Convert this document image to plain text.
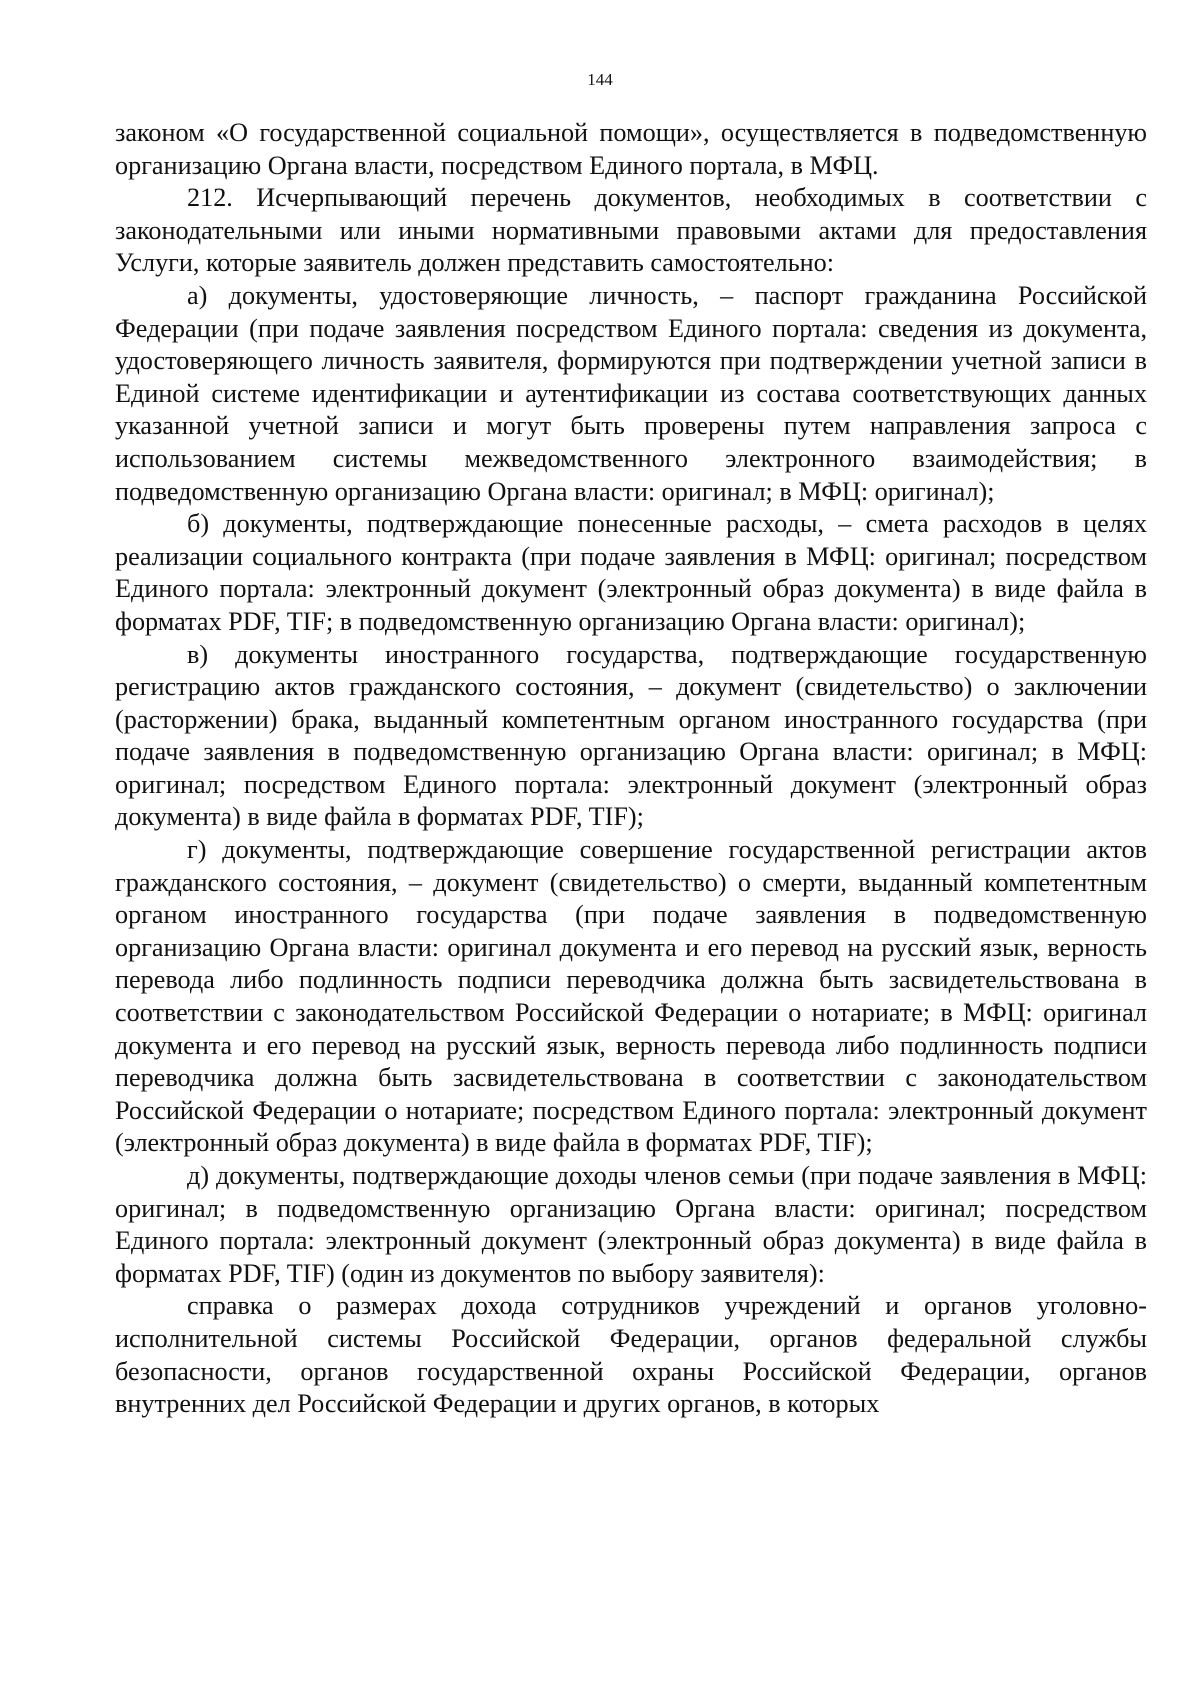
144

законом «О государственной социальной помощи», осуществляется в подведомственную организацию Органа власти, посредством Единого портала, в МФЦ.

212. Исчерпывающий перечень документов, необходимых в соответствии с законодательными или иными нормативными правовыми актами для предоставления Услуги, которые заявитель должен представить самостоятельно:

а) документы, удостоверяющие личность, – паспорт гражданина Российской Федерации (при подаче заявления посредством Единого портала: сведения из документа, удостоверяющего личность заявителя, формируются при подтверждении учетной записи в Единой системе идентификации и аутентификации из состава соответствующих данных указанной учетной записи и могут быть проверены путем направления запроса с использованием системы межведомственного электронного взаимодействия; в подведомственную организацию Органа власти: оригинал; в МФЦ: оригинал);

б) документы, подтверждающие понесенные расходы, – смета расходов в целях реализации социального контракта (при подаче заявления в МФЦ: оригинал; посредством Единого портала: электронный документ (электронный образ документа) в виде файла в форматах PDF, TIF; в подведомственную организацию Органа власти: оригинал);

в) документы иностранного государства, подтверждающие государственную регистрацию актов гражданского состояния, – документ (свидетельство) о заключении (расторжении) брака, выданный компетентным органом иностранного государства (при подаче заявления в подведомственную организацию Органа власти: оригинал; в МФЦ: оригинал; посредством Единого портала: электронный документ (электронный образ документа) в виде файла в форматах PDF, TIF);

г) документы, подтверждающие совершение государственной регистрации актов гражданского состояния, – документ (свидетельство) о смерти, выданный компетентным органом иностранного государства (при подаче заявления в подведомственную организацию Органа власти: оригинал документа и его перевод на русский язык, верность перевода либо подлинность подписи переводчика должна быть засвидетельствована в соответствии с законодательством Российской Федерации о нотариате; в МФЦ: оригинал документа и его перевод на русский язык, верность перевода либо подлинность подписи переводчика должна быть засвидетельствована в соответствии с законодательством Российской Федерации о нотариате; посредством Единого портала: электронный документ (электронный образ документа) в виде файла в форматах PDF, TIF);

д) документы, подтверждающие доходы членов семьи (при подаче заявления в МФЦ: оригинал; в подведомственную организацию Органа власти: оригинал; посредством Единого портала: электронный документ (электронный образ документа) в виде файла в форматах PDF, TIF) (один из документов по выбору заявителя):

справка о размерах дохода сотрудников учреждений и органов уголовно-исполнительной системы Российской Федерации, органов федеральной службы безопасности, органов государственной охраны Российской Федерации, органов внутренних дел Российской Федерации и других органов, в которых
